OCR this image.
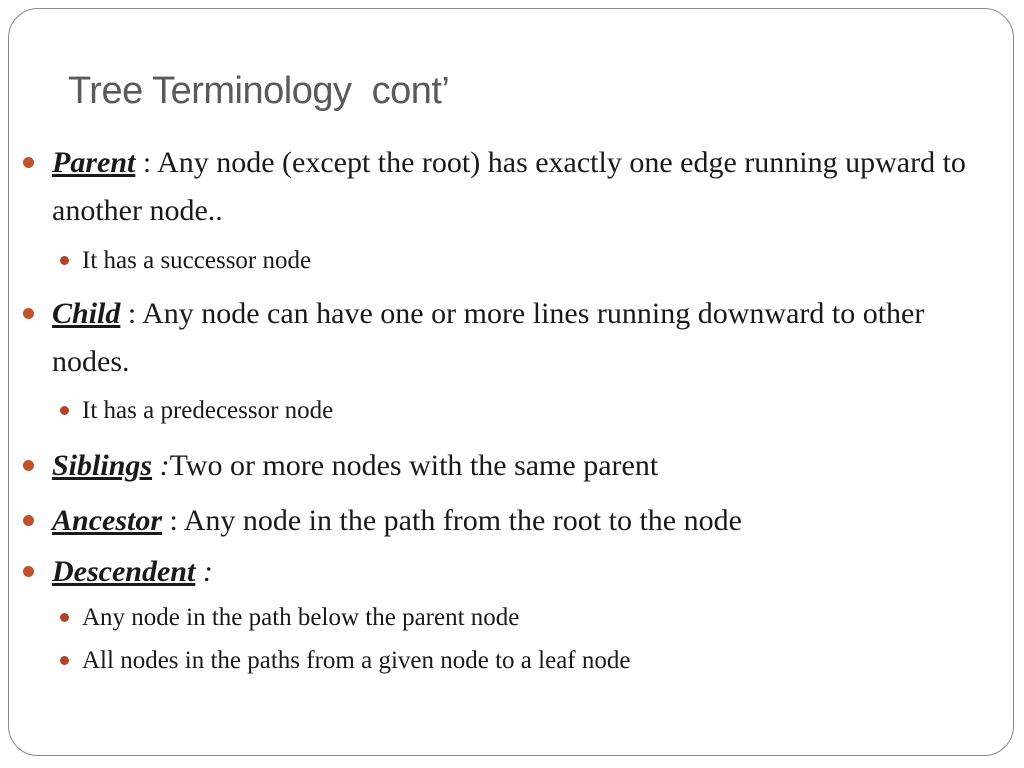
Tree Terminology  cont’
Parent : Any node (except the root) has exactly one edge running upward to another node..
It has a successor node
Child : Any node can have one or more lines running downward to other nodes.
It has a predecessor node
Siblings :Two or more nodes with the same parent
Ancestor : Any node in the path from the root to the node
Descendent :
Any node in the path below the parent node
All nodes in the paths from a given node to a leaf node
